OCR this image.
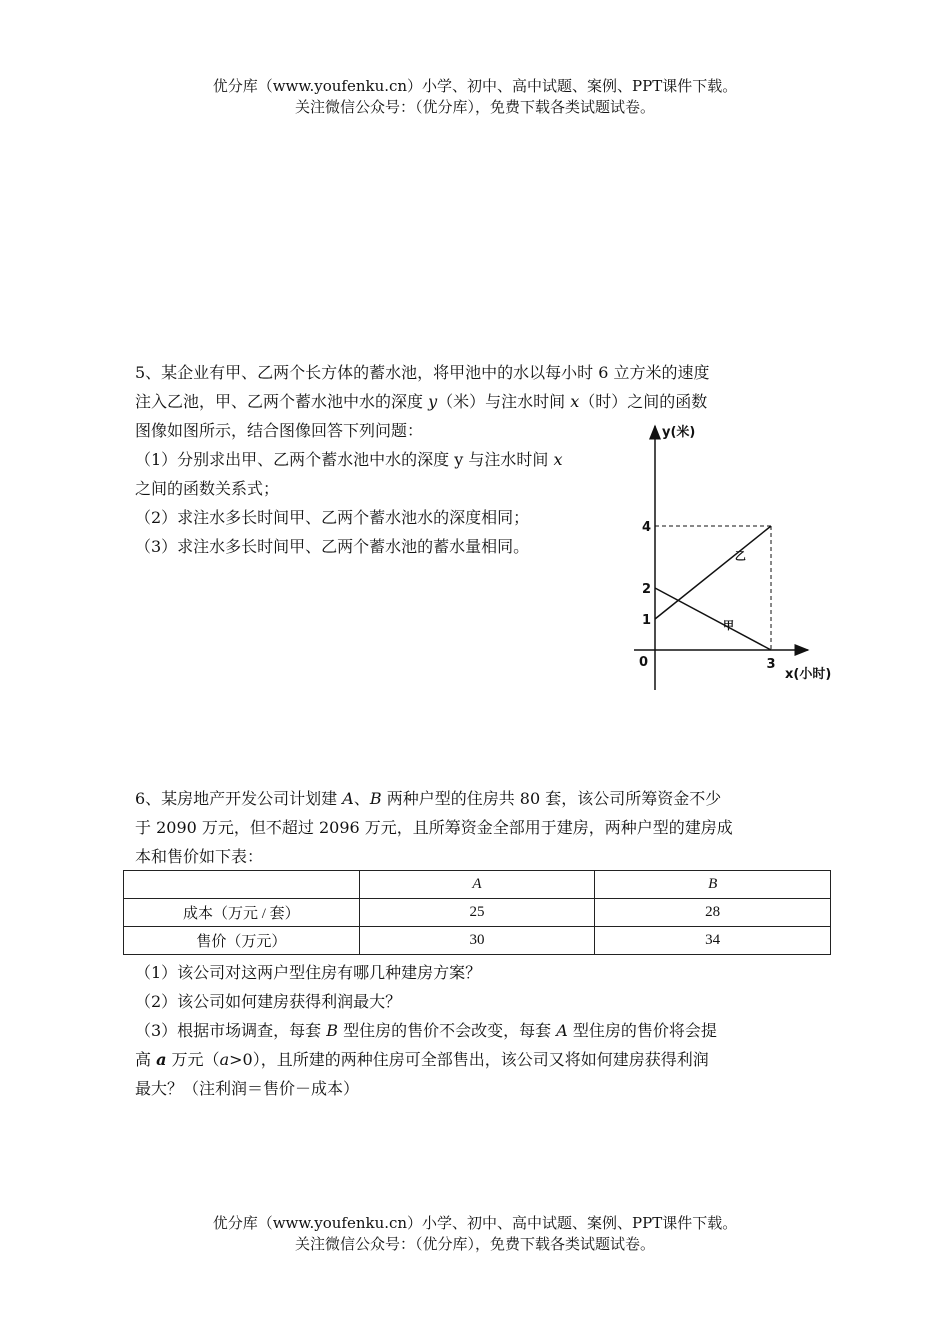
优分库（www.youfenku.cn）小学、初中、高中试题、案例、PPT课件下载。
关注微信公众号：（优分库），免费下载各类试题试卷。
5、某企业有甲、乙两个长方体的蓄水池，将甲池中的水以每小时 6 立方米的速度
注入乙池，甲、乙两个蓄水池中水的深度 y（米）与注水时间 x（时）之间的函数
图像如图所示，结合图像回答下列问题：
（1）分别求出甲、乙两个蓄水池中水的深度 y 与注水时间 x
之间的函数关系式；
（2）求注水多长时间甲、乙两个蓄水池水的深度相同；
（3）求注水多长时间甲、乙两个蓄水池的蓄水量相同。	乙
甲
0
1
2
4
3
x(小时)
y(米)
6、某房地产开发公司计划建 A、B 两种户型的住房共 80 套，该公司所筹资金不少
于 2090 万元，但不超过 2096 万元，且所筹资金全部用于建房，两种户型的建房成
本和售价如下表：
	A	B
成本（万元 / 套）	25	28
售价（万元）	30	34
（1）该公司对这两户型住房有哪几种建房方案？
（2）该公司如何建房获得利润最大？
（3）根据市场调查，每套 B 型住房的售价不会改变，每套 A 型住房的售价将会提
高 a 万元（a>0），且所建的两种住房可全部售出，该公司又将如何建房获得利润
最大？（注利润＝售价－成本）
优分库（www.youfenku.cn）小学、初中、高中试题、案例、PPT课件下载。
关注微信公众号：（优分库），免费下载各类试题试卷。
